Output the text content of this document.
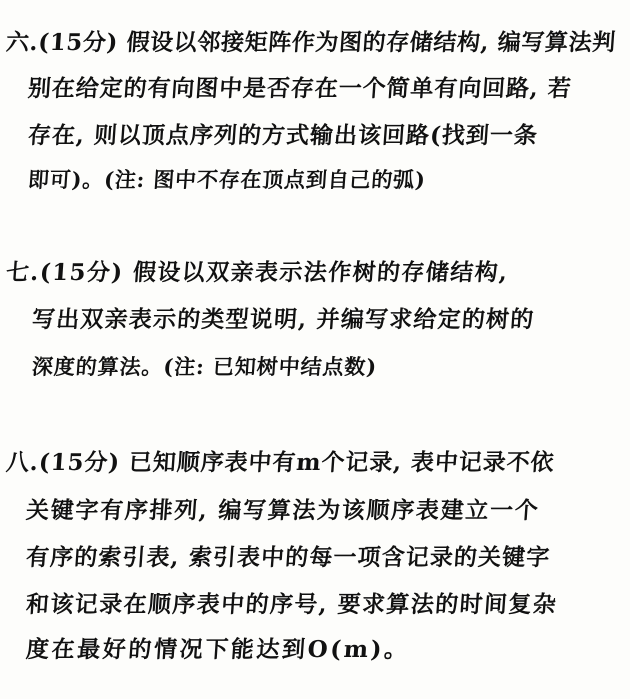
六.(15分) 假设以邻接矩阵作为图的存储结构, 编写算法判
别在给定的有向图中是否存在一个简单有向回路, 若
存在, 则以顶点序列的方式输出该回路(找到一条
即可)。(注: 图中不存在顶点到自己的弧)
七.(15分) 假设以双亲表示法作树的存储结构,
写出双亲表示的类型说明, 并编写求给定的树的
深度的算法。(注: 已知树中结点数)
八.(15分) 已知顺序表中有m个记录, 表中记录不依
关键字有序排列, 编写算法为该顺序表建立一个
有序的索引表, 索引表中的每一项含记录的关键字
和该记录在顺序表中的序号, 要求算法的时间复杂
度在最好的情况下能达到O(m)。
